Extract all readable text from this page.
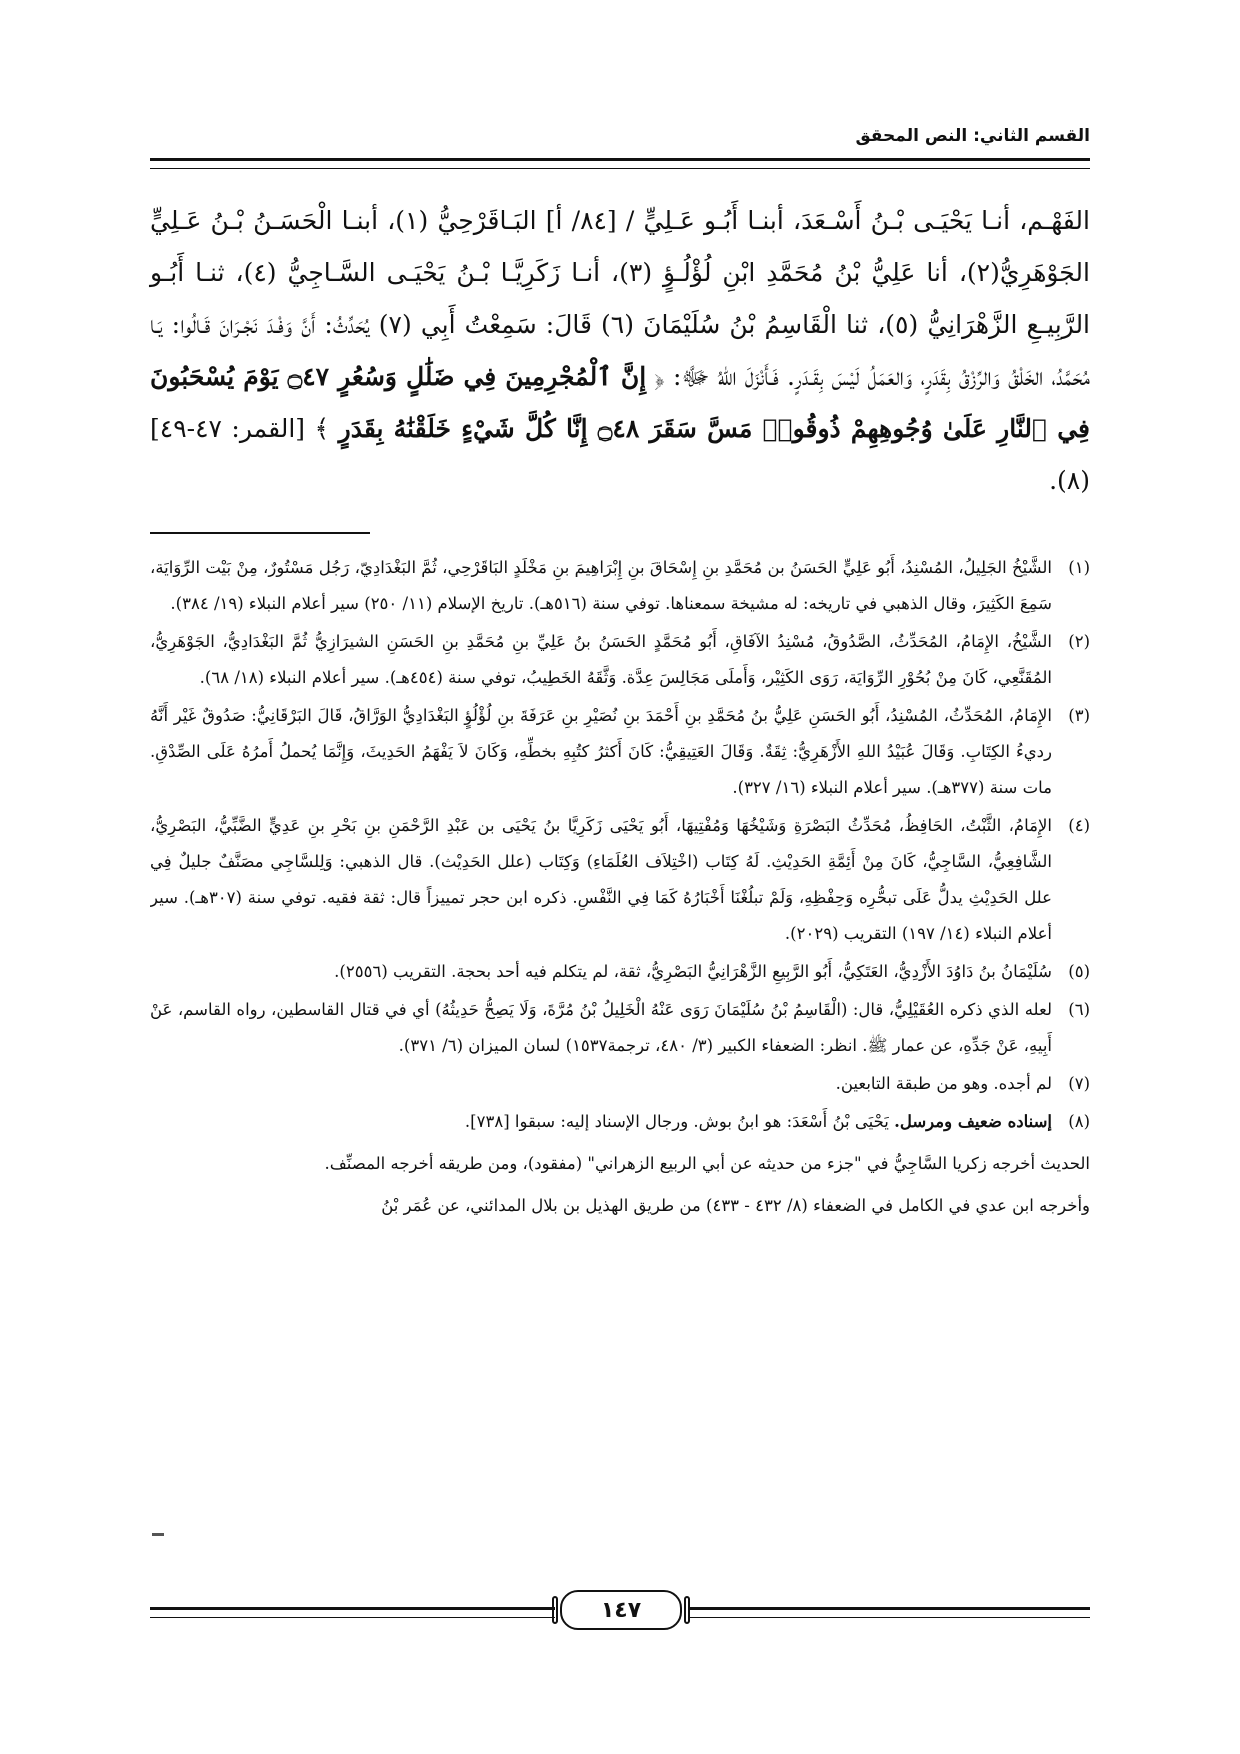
القسم الثاني: النص المحقق

الفَهْـم، أنـا يَحْيَـى بْـنُ أَسْـعَدَ، أبنـا أَبُـو عَـلِيٍّ / [٨٤/ أ] البَـاقَرْحِيُّ (١)، أبنـا الْحَسَـنُ بْـنُ عَـلِيٍّ الجَوْهَرِيُّ(٢)، أنا عَلِيُّ بْنُ مُحَمَّدِ ابْنِ لُؤْلُـؤٍ (٣)، أنـا زَكَرِيَّـا بْـنُ يَحْيَـى السَّـاجِيُّ (٤)، ثنـا أَبُـو الرَّبِيـعِ الزَّهْرَانِيُّ (٥)، ثنا الْقَاسِمُ بْنُ سُلَيْمَانَ (٦) قَالَ: سَمِعْتُ أَبِي (٧) يُحَدِّثُ: أَنَّ وَفْـدَ نَجْـرَانَ قَـالُوا: يَـا مُحَمَّدُ، الخَلْقُ وَالرِّزْقُ بِقَدَرٍ، وَالعَمَلُ لَيْسَ بِقَـدَرٍ. فَـأَنْزَلَ اللهُ ﷻ: ﴿ إِنَّ ٱلْمُجْرِمِينَ فِي ضَلَٰلٍ وَسُعُرٍ ۝٤٧ يَوْمَ يُسْحَبُونَ فِي ٱلنَّارِ عَلَىٰ وُجُوهِهِمْ ذُوقُوا۟ مَسَّ سَقَرَ ۝٤٨ إِنَّا كُلَّ شَيْءٍ خَلَقْنَٰهُ بِقَدَرٍ ﴾ [القمر: ٤٧-٤٩] (٨).

(١)الشَّيْخُ الجَلِيلُ، المُسْنِدُ، أَبُو عَلِيٍّ الحَسَنُ بن مُحَمَّدِ بنِ إِسْحَاقَ بنِ إِبْرَاهِيمَ بنِ مَخْلَدٍ البَاقَرْحِي، ثُمَّ البَغْدَادِيّ، رَجُل مَسْتُورٌ، مِنْ بَيْت الرِّوَايَة، سَمِعَ الكَثِيرَ، وقال الذهبي في تاريخه: له مشيخة سمعناها. توفي سنة (٥١٦هـ). تاريخ الإسلام (١١/ ٢٥٠) سير أعلام النبلاء (١٩/ ٣٨٤).

(٢)الشَّيْخُ، الإِمَامُ، المُحَدِّثُ، الصَّدُوقُ، مُسْنِدُ الآفَاقِ، أَبُو مُحَمَّدٍ الحَسَنُ بنُ عَلِيِّ بنِ مُحَمَّدِ بنِ الحَسَنِ الشيرَازِيُّ ثُمَّ البَغْدَادِيُّ، الجَوْهَرِيُّ، المُقَنَّعِي، كَانَ مِنْ بُحُوْرِ الرِّوَايَة، رَوَى الكَثِيْر، وَأَملَى مَجَالِسَ عِدَّة. وَثَّقَهُ الخَطِيبُ، توفي سنة (٤٥٤هـ). سير أعلام النبلاء (١٨/ ٦٨).

(٣)الإِمَامُ، المُحَدِّثُ، المُسْنِدُ، أَبُو الحَسَنِ عَلِيُّ بنُ مُحَمَّدِ بنِ أَحْمَدَ بنِ نُصَيْرِ بنِ عَرَفَةَ بنِ لُؤْلُؤٍ البَغْدَادِيُّ الوَرَّاقُ، قَالَ البَرْقَانِيُّ: صَدُوقٌ غَيْر أَنَّهُ رديءُ الكِتَابِ. وَقَالَ عُبَيْدُ اللهِ الأَزْهَرِيُّ: ثِقَةٌ. وَقَالَ العَتِيقِيُّ: كَانَ أَكثرُ كتُبِهِ بخطِّهِ، وَكَانَ لاَ يَفْهَمُ الحَدِيثَ، وَإِنَّمَا يُحملُ أَمرُهُ عَلَى الصِّدْقِ. مات سنة (٣٧٧هـ). سير أعلام النبلاء (١٦/ ٣٢٧).

(٤)الإِمَامُ، الثَّبْتُ، الحَافِظُ، مُحَدِّثُ البَصْرَةِ وَشَيْخُهَا وَمُفْتِيهَا، أَبُو يَحْيَى زَكَرِيَّا بنُ يَحْيَى بن عَبْدِ الرَّحْمَنِ بنِ بَحْرِ بنِ عَدِيٍّ الضَّبِّيُّ، البَصْرِيُّ، الشَّافِعِيُّ، السَّاجِيُّ، كَانَ مِنْ أَئِمَّةِ الحَدِيْثِ. لَهُ كِتَاب (اخْتِلاَف العُلَمَاءِ) وَكِتَاب (علل الحَدِيْث). قال الذهبي: وَلِلسَّاجِي مصَنَّفٌ جليلٌ فِي علل الحَدِيْثِ يدلُّ عَلَى تبحُّرِه وَحِفْظِهِ، وَلَمْ تبلُغْنَا أَخْبَارُهُ كَمَا فِي النَّفْسِ. ذكره ابن حجر تمييزاً قال: ثقة فقيه. توفي سنة (٣٠٧هـ). سير أعلام النبلاء (١٤/ ١٩٧) التقريب (٢٠٢٩).

(٥)سُلَيْمَانُ بنُ دَاوُدَ الأَزْدِيُّ، العَتَكِيُّ، أَبُو الرَّبِيعِ الزَّهْرَانِيُّ البَصْرِيُّ، ثقة، لم يتكلم فيه أحد بحجة. التقريب (٢٥٥٦).

(٦)لعله الذي ذكره العُقَيْلِيُّ، قال: (الْقَاسِمُ بْنُ سُلَيْمَانَ رَوَى عَنْهُ الْخَلِيلُ بْنُ مُرَّةَ، وَلَا يَصِحُّ حَدِيثُهُ) أي في قتال القاسطين، رواه القاسم، عَنْ أَبِيهِ، عَنْ جَدِّهِ، عن عمار ﷺ. انظر: الضعفاء الكبير (٣/ ٤٨٠، ترجمة١٥٣٧) لسان الميزان (٦/ ٣٧١).

(٧)لم أجده. وهو من طبقة التابعين.

(٨)إسناده ضعيف ومرسل. يَحْيَى بْنُ أَسْعَدَ: هو ابنُ بوش. ورجال الإسناد إليه: سبقوا [٧٣٨].

الحديث أخرجه زكريا السَّاجِيُّ في "جزء من حديثه عن أبي الربيع الزهراني" (مفقود)، ومن طريقه أخرجه المصنِّف.

وأخرجه ابن عدي في الكامل في الضعفاء (٨/ ٤٣٢ - ٤٣٣) من طريق الهذيل بن بلال المدائني، عن عُمَر بْنُ

١٤٧
